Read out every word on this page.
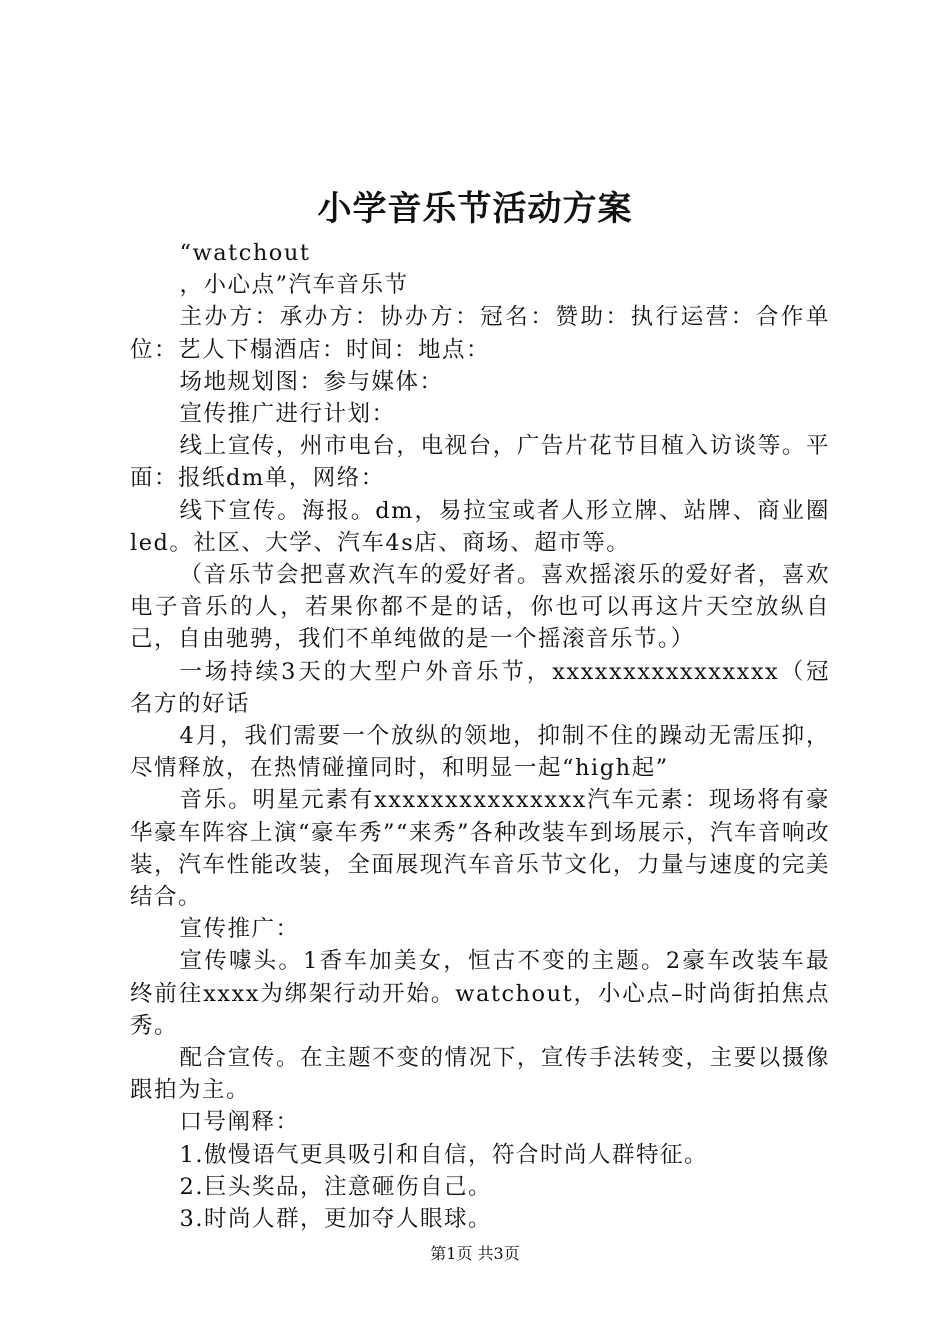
小学音乐节活动方案

“watchout

，小心点”汽车音乐节

主办方：承办方：协办方：冠名：赞助：执行运营：合作单位：艺人下榻酒店：时间：地点：

场地规划图：参与媒体：

宣传推广进行计划：

线上宣传，州市电台，电视台，广告片花节目植入访谈等。平面：报纸dm单，网络：

线下宣传。海报。dm，易拉宝或者人形立牌、站牌、商业圈led。社区、大学、汽车4s店、商场、超市等。

（音乐节会把喜欢汽车的爱好者。喜欢摇滚乐的爱好者，喜欢电子音乐的人，若果你都不是的话，你也可以再这片天空放纵自己，自由驰骋，我们不单纯做的是一个摇滚音乐节。）

一场持续3天的大型户外音乐节，xxxxxxxxxxxxxxxx（冠名方的好话

4月，我们需要一个放纵的领地，抑制不住的躁动无需压抑，尽情释放，在热情碰撞同时，和明显一起“high起”

音乐。明星元素有xxxxxxxxxxxxxxx汽车元素：现场将有豪华豪车阵容上演“豪车秀”“来秀”各种改装车到场展示，汽车音响改装，汽车性能改装，全面展现汽车音乐节文化，力量与速度的完美结合。

宣传推广：

宣传噱头。1香车加美女，恒古不变的主题。2豪车改装车最终前往xxxx为绑架行动开始。watchout，小心点–时尚街拍焦点秀。

配合宣传。在主题不变的情况下，宣传手法转变，主要以摄像跟拍为主。

口号阐释：

1.傲慢语气更具吸引和自信，符合时尚人群特征。

2.巨头奖品，注意砸伤自己。

3.时尚人群，更加夺人眼球。

第1页 共3页
